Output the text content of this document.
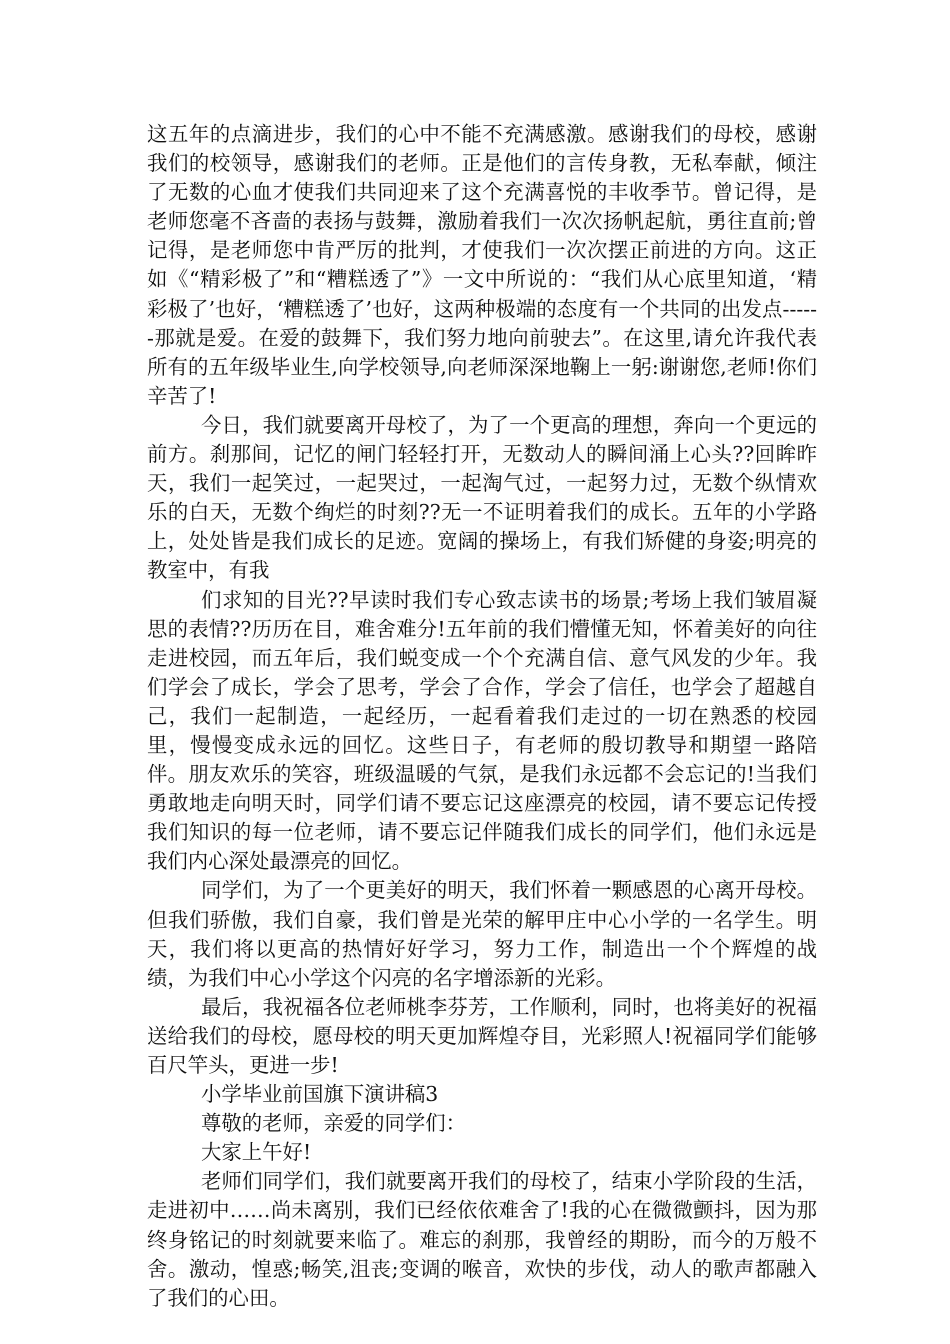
这五年的点滴进步，我们的心中不能不充满感激。感谢我们的母校，感谢我们的校领导，感谢我们的老师。正是他们的言传身教，无私奉献，倾注了无数的心血才使我们共同迎来了这个充满喜悦的丰收季节。曾记得，是老师您毫不吝啬的表扬与鼓舞，激励着我们一次次扬帆起航，勇往直前;曾记得，是老师您中肯严厉的批判，才使我们一次次摆正前进的方向。这正如《“精彩极了”和“糟糕透了”》一文中所说的：“我们从心底里知道，‘精彩极了’也好，‘糟糕透了’也好，这两种极端的态度有一个共同的出发点------那就是爱。在爱的鼓舞下，我们努力地向前驶去”。在这里,请允许我代表所有的五年级毕业生,向学校领导,向老师深深地鞠上一躬:谢谢您,老师!你们辛苦了!

今日，我们就要离开母校了，为了一个更高的理想，奔向一个更远的前方。刹那间，记忆的闸门轻轻打开，无数动人的瞬间涌上心头??回眸昨天，我们一起笑过，一起哭过，一起淘气过，一起努力过，无数个纵情欢乐的白天，无数个绚烂的时刻??无一不证明着我们的成长。五年的小学路上，处处皆是我们成长的足迹。宽阔的操场上，有我们矫健的身姿;明亮的教室中，有我

们求知的目光??早读时我们专心致志读书的场景;考场上我们皱眉凝思的表情??历历在目，难舍难分!五年前的我们懵懂无知，怀着美好的向往走进校园，而五年后，我们蜕变成一个个充满自信、意气风发的少年。我们学会了成长，学会了思考，学会了合作，学会了信任，也学会了超越自己，我们一起制造，一起经历，一起看着我们走过的一切在熟悉的校园里，慢慢变成永远的回忆。这些日子，有老师的殷切教导和期望一路陪伴。朋友欢乐的笑容，班级温暖的气氛，是我们永远都不会忘记的!当我们勇敢地走向明天时，同学们请不要忘记这座漂亮的校园，请不要忘记传授我们知识的每一位老师，请不要忘记伴随我们成长的同学们，他们永远是我们内心深处最漂亮的回忆。

同学们，为了一个更美好的明天，我们怀着一颗感恩的心离开母校。但我们骄傲，我们自豪，我们曾是光荣的解甲庄中心小学的一名学生。明天，我们将以更高的热情好好学习，努力工作，制造出一个个辉煌的战绩，为我们中心小学这个闪亮的名字增添新的光彩。

最后，我祝福各位老师桃李芬芳，工作顺利，同时，也将美好的祝福送给我们的母校，愿母校的明天更加辉煌夺目，光彩照人!祝福同学们能够百尺竿头，更进一步!

小学毕业前国旗下演讲稿3

尊敬的老师，亲爱的同学们：

大家上午好!

老师们同学们，我们就要离开我们的母校了，结束小学阶段的生活，走进初中……尚未离别，我们已经依依难舍了!我的心在微微颤抖，因为那终身铭记的时刻就要来临了。难忘的刹那，我曾经的期盼，而今的万般不舍。激动，惶惑;畅笑,沮丧;变调的喉音，欢快的步伐，动人的歌声都融入了我们的心田。
